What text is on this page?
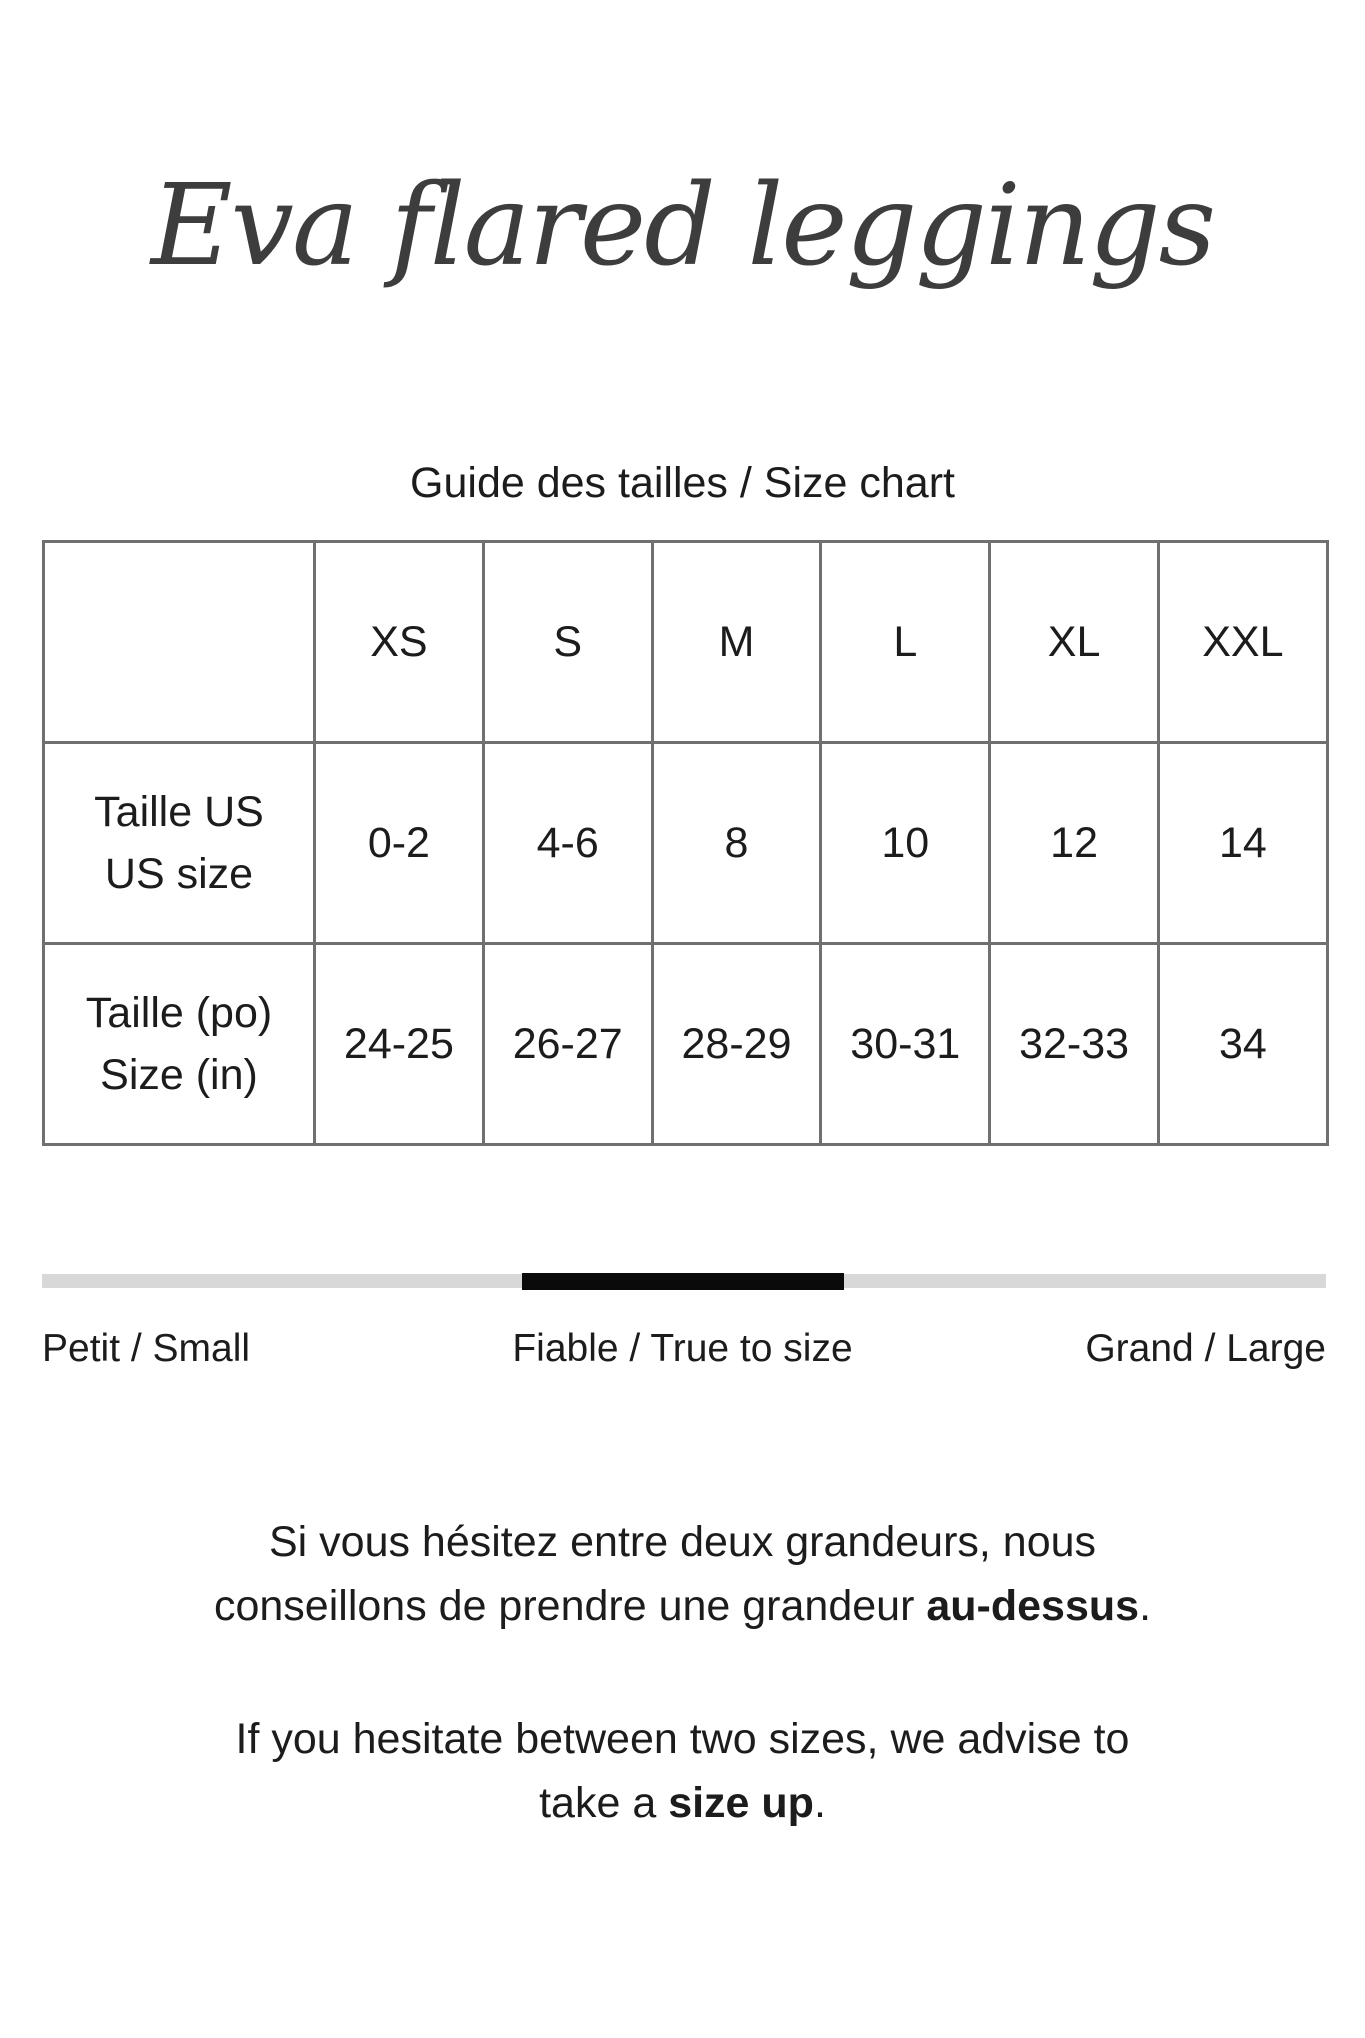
Eva flared leggings
Guide des tailles / Size chart
	XS	S	M	L	XL	XXL

Taille US
US size	0-2	4-6	8	10	12	14

Taille (po)
Size (in)	24-25	26-27	28-29	30-31	32-33	34
Petit / Small	Fiable / True to size	Grand / Large
Si vous hésitez entre deux grandeurs, nous
conseillons de prendre une grandeur au-dessus.
If you hesitate between two sizes, we advise to
take a size up.
